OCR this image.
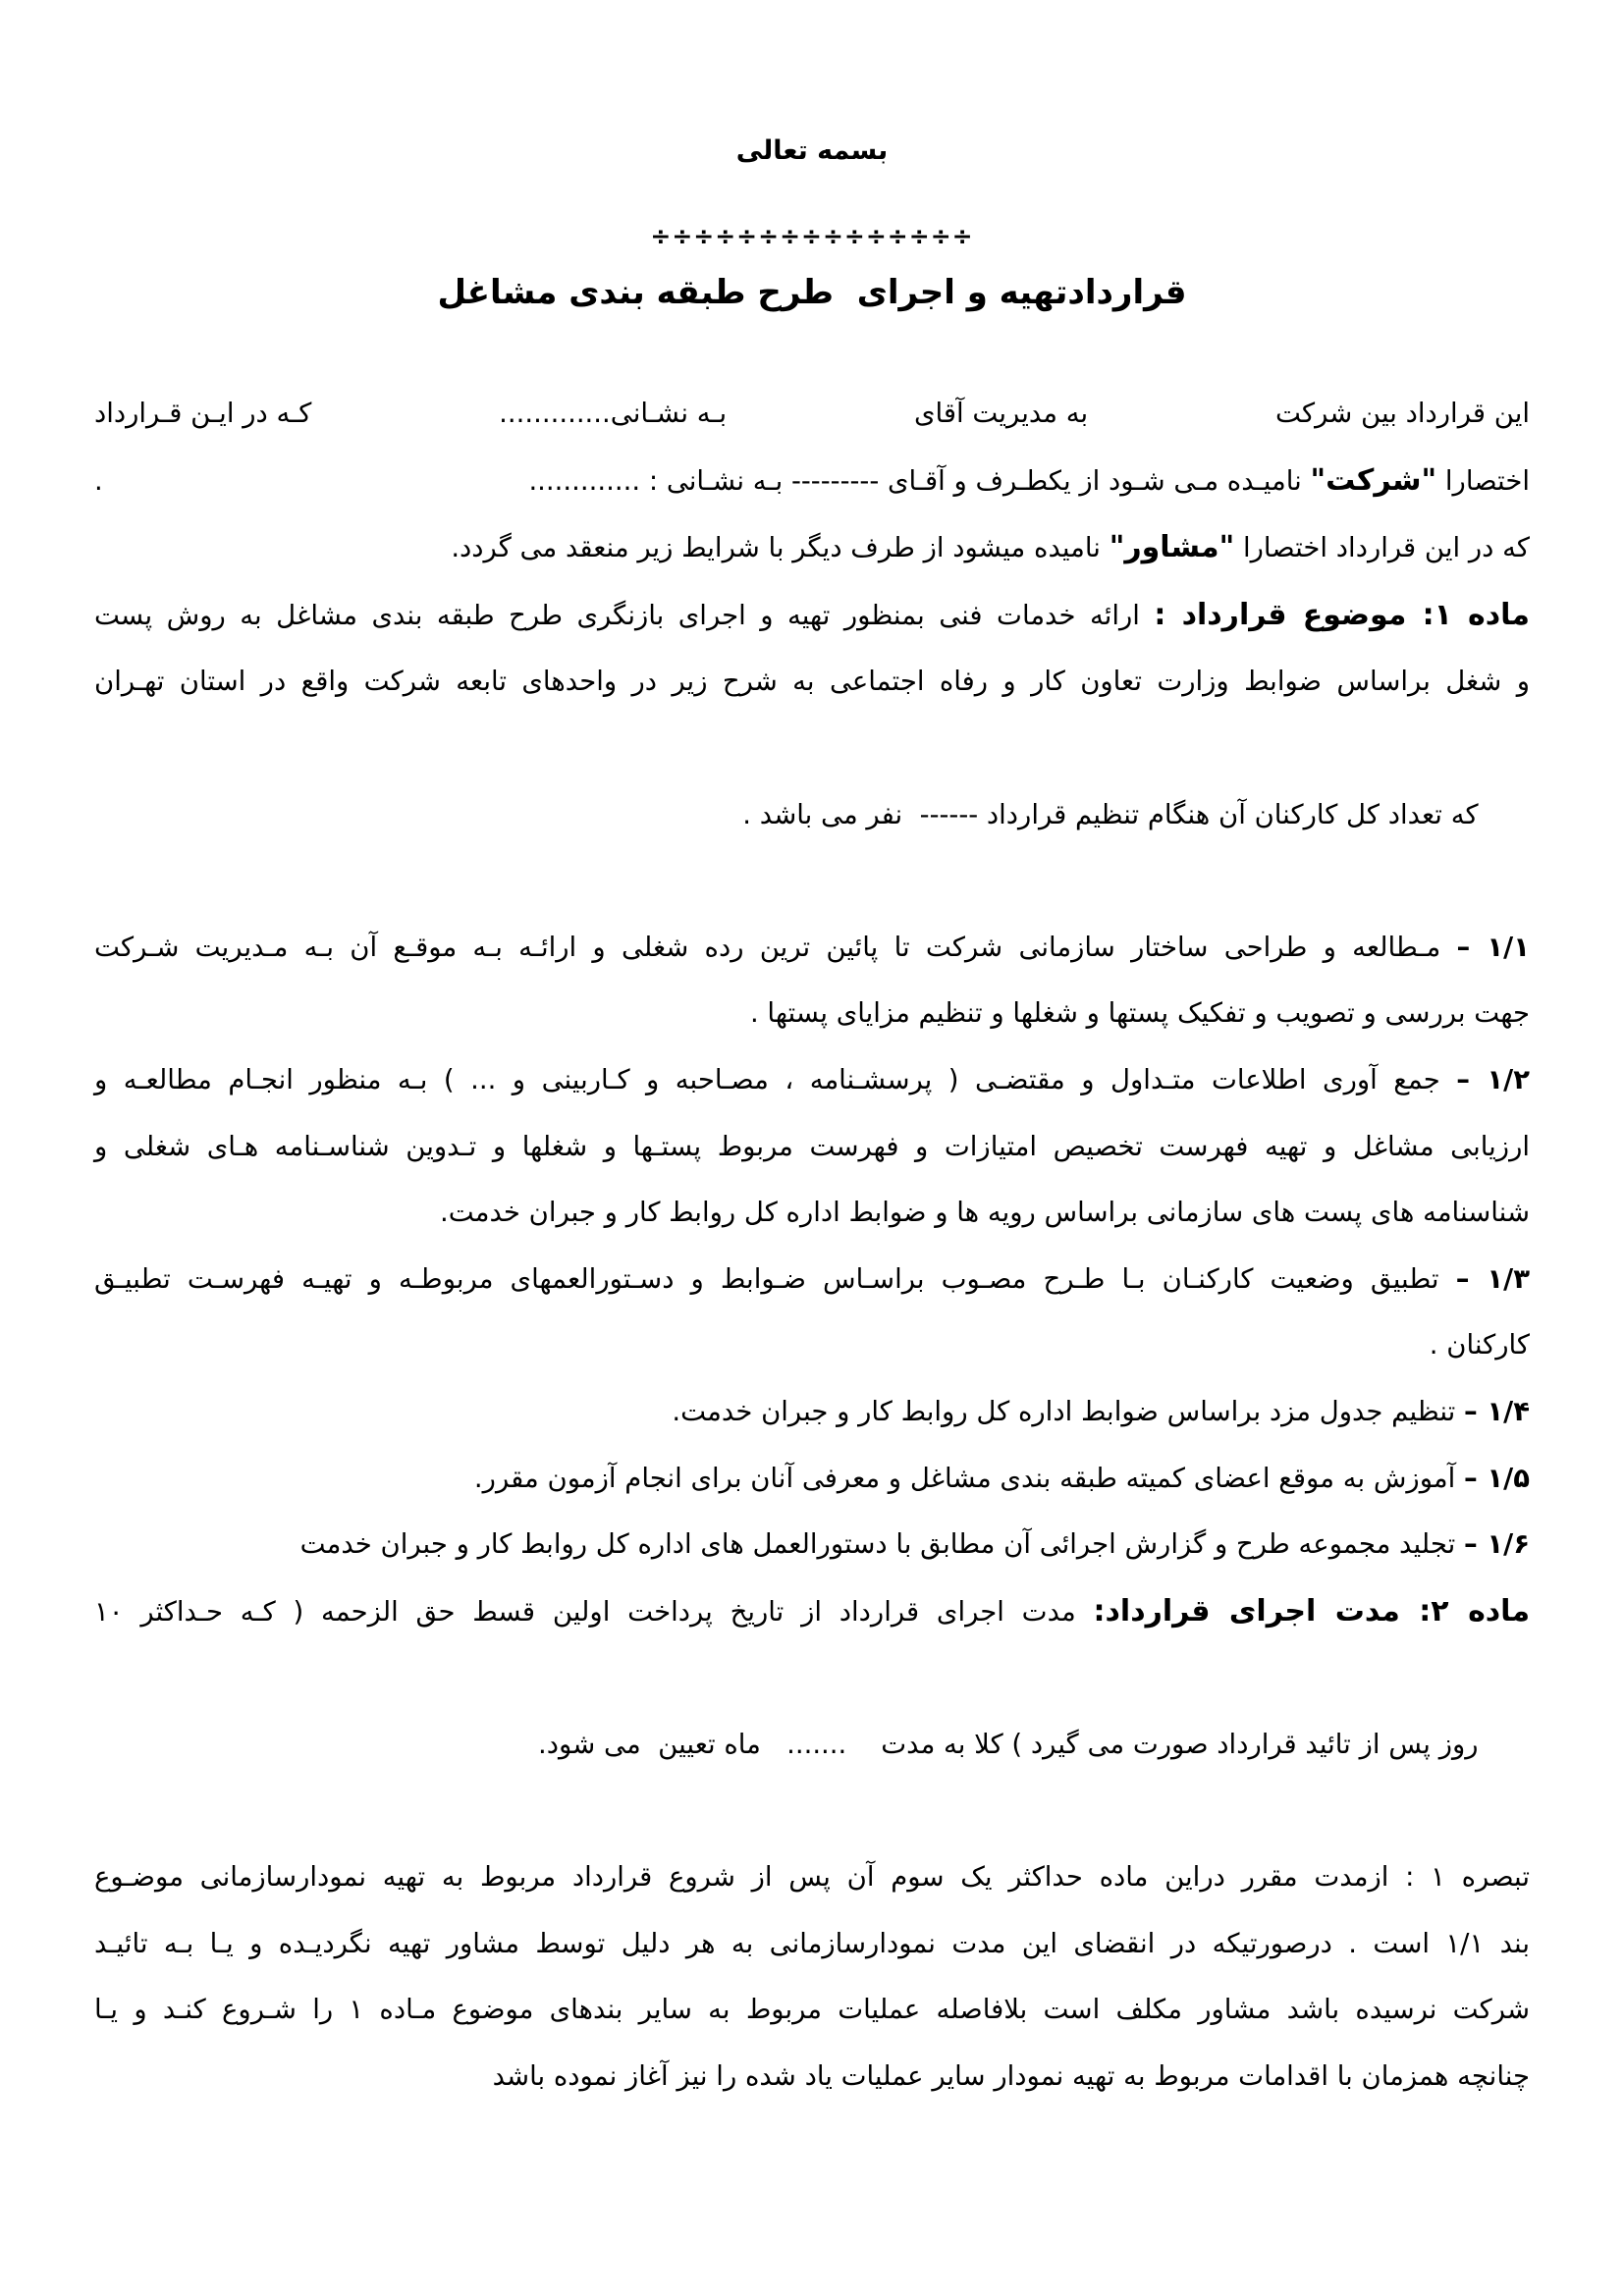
بسمه تعالی
÷÷÷÷÷÷÷÷÷÷÷÷÷÷÷
قراردادتهیه و اجرای  طرح طبقه بندی مشاغل
این قرارداد بین شرکت
به مدیریت آقای
بـه نشـانی.............
کـه در ایـن قـرارداد
اختصارا "شرکت" نامیـده مـی شـود از یکطـرف و آقـای --------- بـه نشـانی : .............
.
که در این قرارداد اختصارا "مشاور" نامیده میشود از طرف دیگر با شرایط زیر منعقد می گردد.
ماده ۱: موضوع قرارداد : ارائه خدمات فنی بمنظور تهیه و اجرای بازنگری طرح طبقه بندی مشاغل به روش پست
و شغل براساس ضوابط وزارت تعاون کار و رفاه اجتماعی به شرح زیر در واحدهای تابعه شرکت واقع در استان تهـران

که تعداد کل کارکنان آن هنگام تنظیم قرارداد ------  نفر می باشد .

۱/۱ – مـطالعه و طراحی ساختار سازمانی شرکت تا پائین ترین رده شغلی و ارائـه بـه موقـع آن بـه مـدیریت شـرکت
جهت بررسی و تصویب و تفکیک پستها و شغلها و تنظیم مزایای پستها .
۱/۲ – جمع آوری اطلاعات متـداول و مقتضـی ( پرسشـنامه ، مصـاحبه و کـاربینی و ... ) بـه منظور انجـام مطالعـه و
ارزیابی مشاغل و تهیه فهرست تخصیص امتیازات و فهرست مربوط پستـها و شغلها و تـدوین شناسـنامه هـای شغلی و
شناسنامه های پست های سازمانی براساس رویه ها و ضوابط اداره کل روابط کار و جبران خدمت.
۱/۳ – تطبیق وضعیت کارکنـان بـا طـرح مصـوب براسـاس ضـوابط و دسـتورالعمهای مربوطـه و تهیـه فهرسـت تطبیـق
کارکنان .
۱/۴ – تنظیم جدول مزد براساس ضوابط اداره کل روابط کار و جبران خدمت.
۱/۵ – آموزش به موقع اعضای کمیته طبقه بندی مشاغل و معرفی آنان برای انجام آزمون مقرر.
۱/۶ – تجلید مجموعه طرح و گزارش اجرائی آن مطابق با دستورالعمل های اداره کل روابط کار و جبران خدمت
ماده ۲: مدت اجرای قرارداد: مدت اجرای قرارداد از تاریخ پرداخت اولین قسط حق الزحمه ( کـه حـداکثر ۱۰

روز پس از تائید قرارداد صورت می گیرد ) کلا به مدت    .......   ماه تعیین  می شود.

تبصره ۱ : ازمدت مقرر دراین ماده حداکثر یک سوم آن پس از شروع قرارداد مربوط به تهیه نمودارسازمانی موضـوع
بند ۱/۱ است . درصورتیکه در انقضای این مدت نمودارسازمانی به هر دلیل توسط مشاور تهیه نگردیـده و یـا بـه تائیـد
شرکت نرسیده باشد مشاور مکلف است بلافاصله عملیات مربوط به سایر بندهای موضوع مـاده ۱ را شـروع کنـد و یـا
چنانچه همزمان با اقدامات مربوط به تهیه نمودار سایر عملیات یاد شده را نیز آغاز نموده باشد
